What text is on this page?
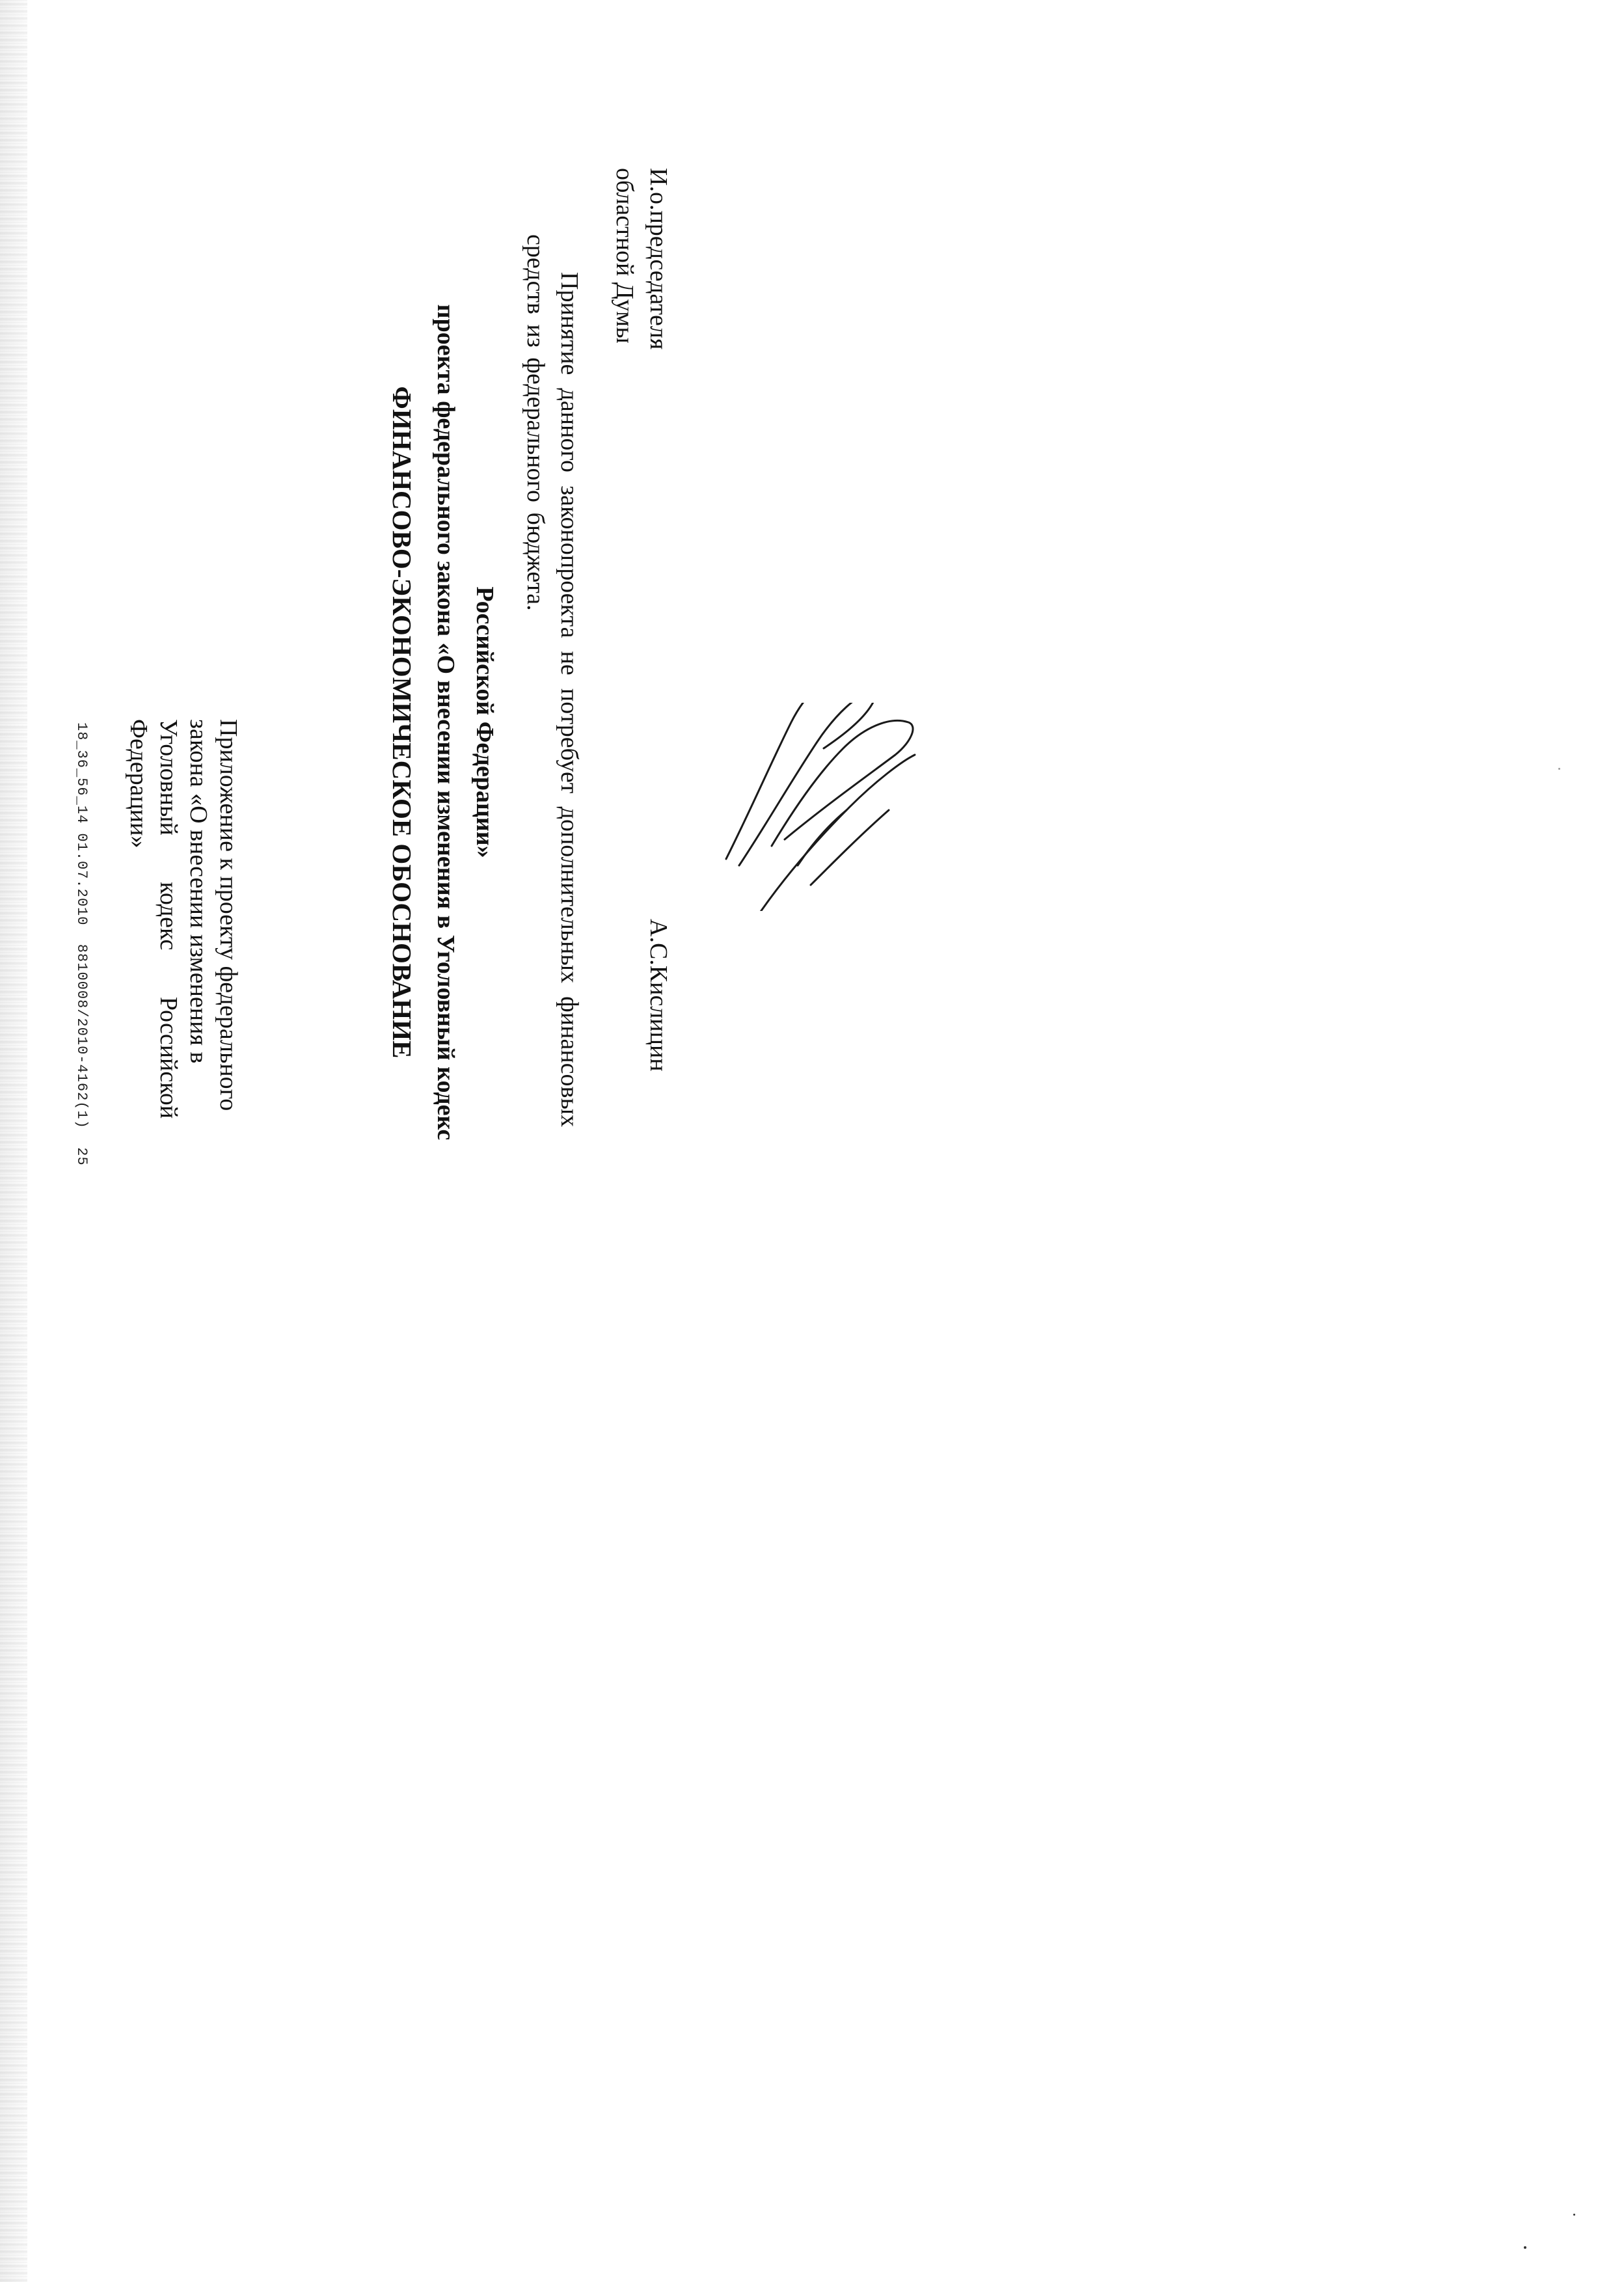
Приложение к проекту федерального
закона «О внесении изменения в
Уголовный кодекс Российской
Федерации»	ФИНАНСОВО-ЭКОНОМИЧЕСКОЕ ОБОСНОВАНИЕ проекта федерального закона «О внесении изменения в Уголовный кодекс Российской Федерации»	Принятие данного законопроекта не потребует дополнительных финансовых средств из федерального бюджета.	И.о.председателя
областной Думы
А.С.Кислицин
18_36_56_14 01.07.2010  8810008/2010-4162(1)  25
